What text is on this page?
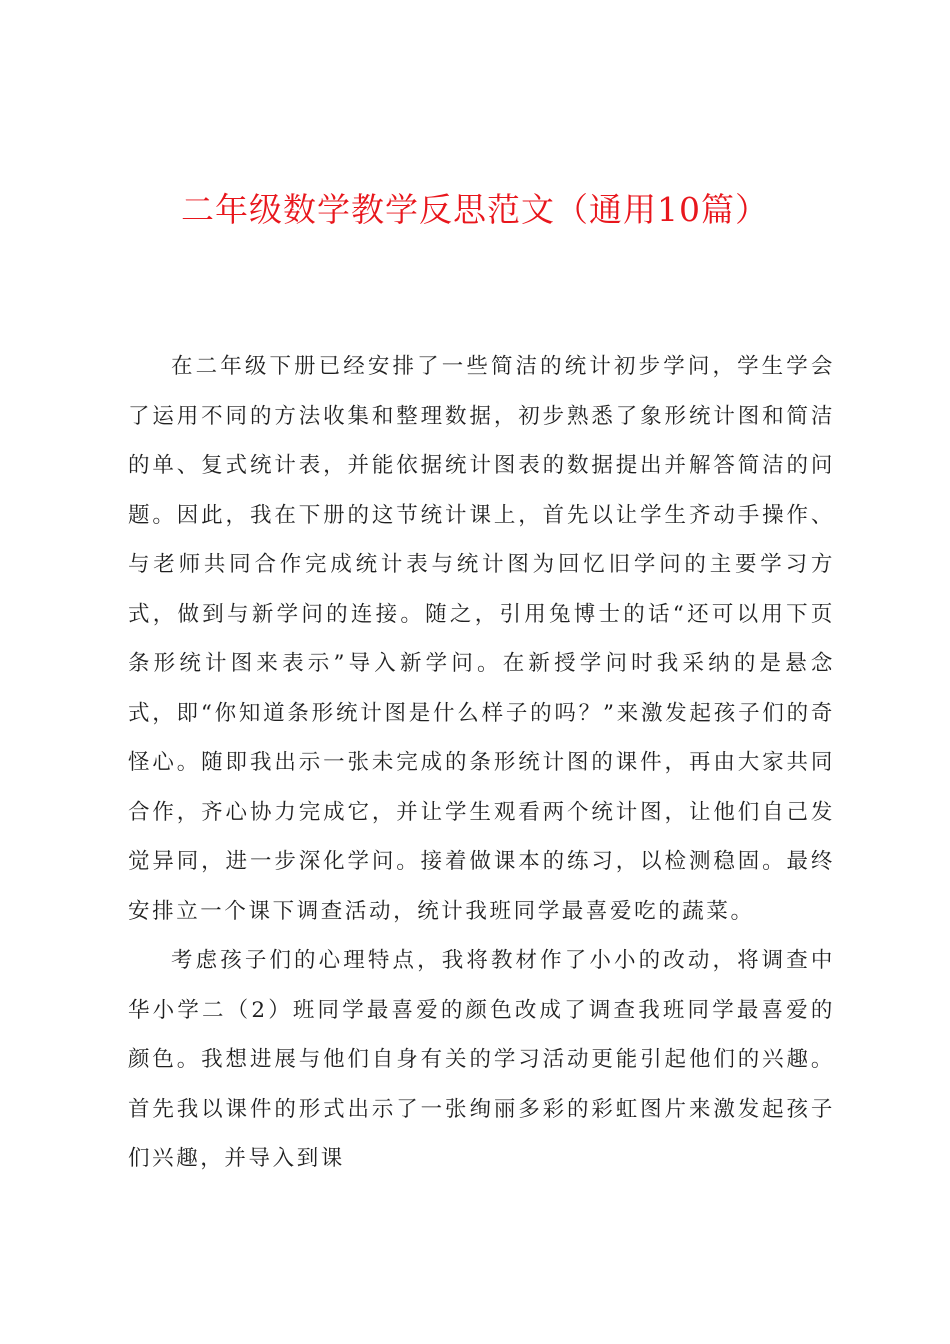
二年级数学教学反思范文（通用10篇）

在二年级下册已经安排了一些简洁的统计初步学问，学生学会了运用不同的方法收集和整理数据，初步熟悉了象形统计图和简洁的单、复式统计表，并能依据统计图表的数据提出并解答简洁的问题。因此，我在下册的这节统计课上，首先以让学生齐动手操作、与老师共同合作完成统计表与统计图为回忆旧学问的主要学习方式，做到与新学问的连接。随之，引用兔博士的话“还可以用下页条形统计图来表示”导入新学问。在新授学问时我采纳的是悬念式，即“你知道条形统计图是什么样子的吗？”来激发起孩子们的奇怪心。随即我出示一张未完成的条形统计图的课件，再由大家共同合作，齐心协力完成它，并让学生观看两个统计图，让他们自己发觉异同，进一步深化学问。接着做课本的练习，以检测稳固。最终安排立一个课下调查活动，统计我班同学最喜爱吃的蔬菜。

考虑孩子们的心理特点，我将教材作了小小的改动，将调查中华小学二（2）班同学最喜爱的颜色改成了调查我班同学最喜爱的颜色。我想进展与他们自身有关的学习活动更能引起他们的兴趣。首先我以课件的形式出示了一张绚丽多彩的彩虹图片来激发起孩子们兴趣，并导入到课
